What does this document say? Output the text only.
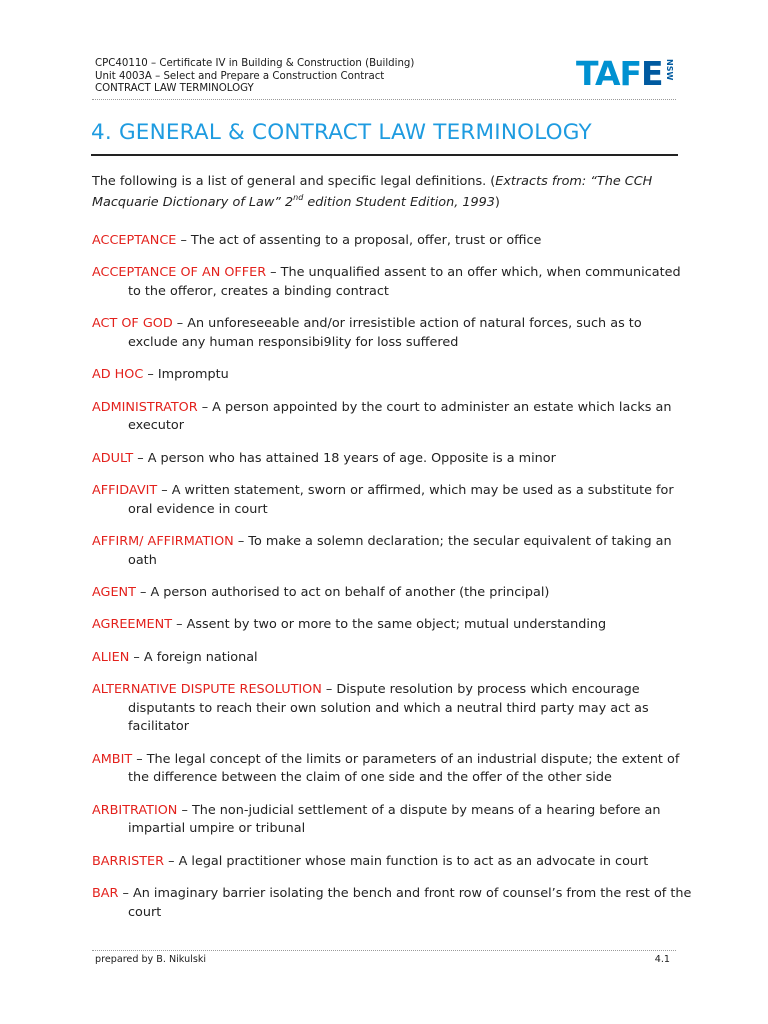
CPC40110 – Certificate IV in Building & Construction (Building)
Unit 4003A – Select and Prepare a Construction Contract
CONTRACT LAW TERMINOLOGY	TAFE NSW
4. GENERAL & CONTRACT LAW TERMINOLOGY
The following is a list of general and specific legal definitions. (Extracts from: “The CCH Macquarie Dictionary of Law” 2nd edition Student Edition, 1993)
ACCEPTANCE – The act of assenting to a proposal, offer, trust or office
ACCEPTANCE OF AN OFFER – The unqualified assent to an offer which, when communicated to the offeror, creates a binding contract
ACT OF GOD – An unforeseeable and/or irresistible action of natural forces, such as to exclude any human responsibi9lity for loss suffered
AD HOC – Impromptu
ADMINISTRATOR – A person appointed by the court to administer an estate which lacks an executor
ADULT – A person who has attained 18 years of age. Opposite is a minor
AFFIDAVIT – A written statement, sworn or affirmed, which may be used as a substitute for oral evidence in court
AFFIRM/ AFFIRMATION – To make a solemn declaration; the secular equivalent of taking an oath
AGENT – A person authorised to act on behalf of another (the principal)
AGREEMENT – Assent by two or more to the same object; mutual understanding
ALIEN – A foreign national
ALTERNATIVE DISPUTE RESOLUTION – Dispute resolution by process which encourage disputants to reach their own solution and which a neutral third party may act as facilitator
AMBIT – The legal concept of the limits or parameters of an industrial dispute; the extent of the difference between the claim of one side and the offer of the other side
ARBITRATION – The non-judicial settlement of a dispute by means of a hearing before an impartial umpire or tribunal
BARRISTER – A legal practitioner whose main function is to act as an advocate in court
BAR – An imaginary barrier isolating the bench and front row of counsel’s from the rest of the court
prepared by B. Nikulski	4.1
